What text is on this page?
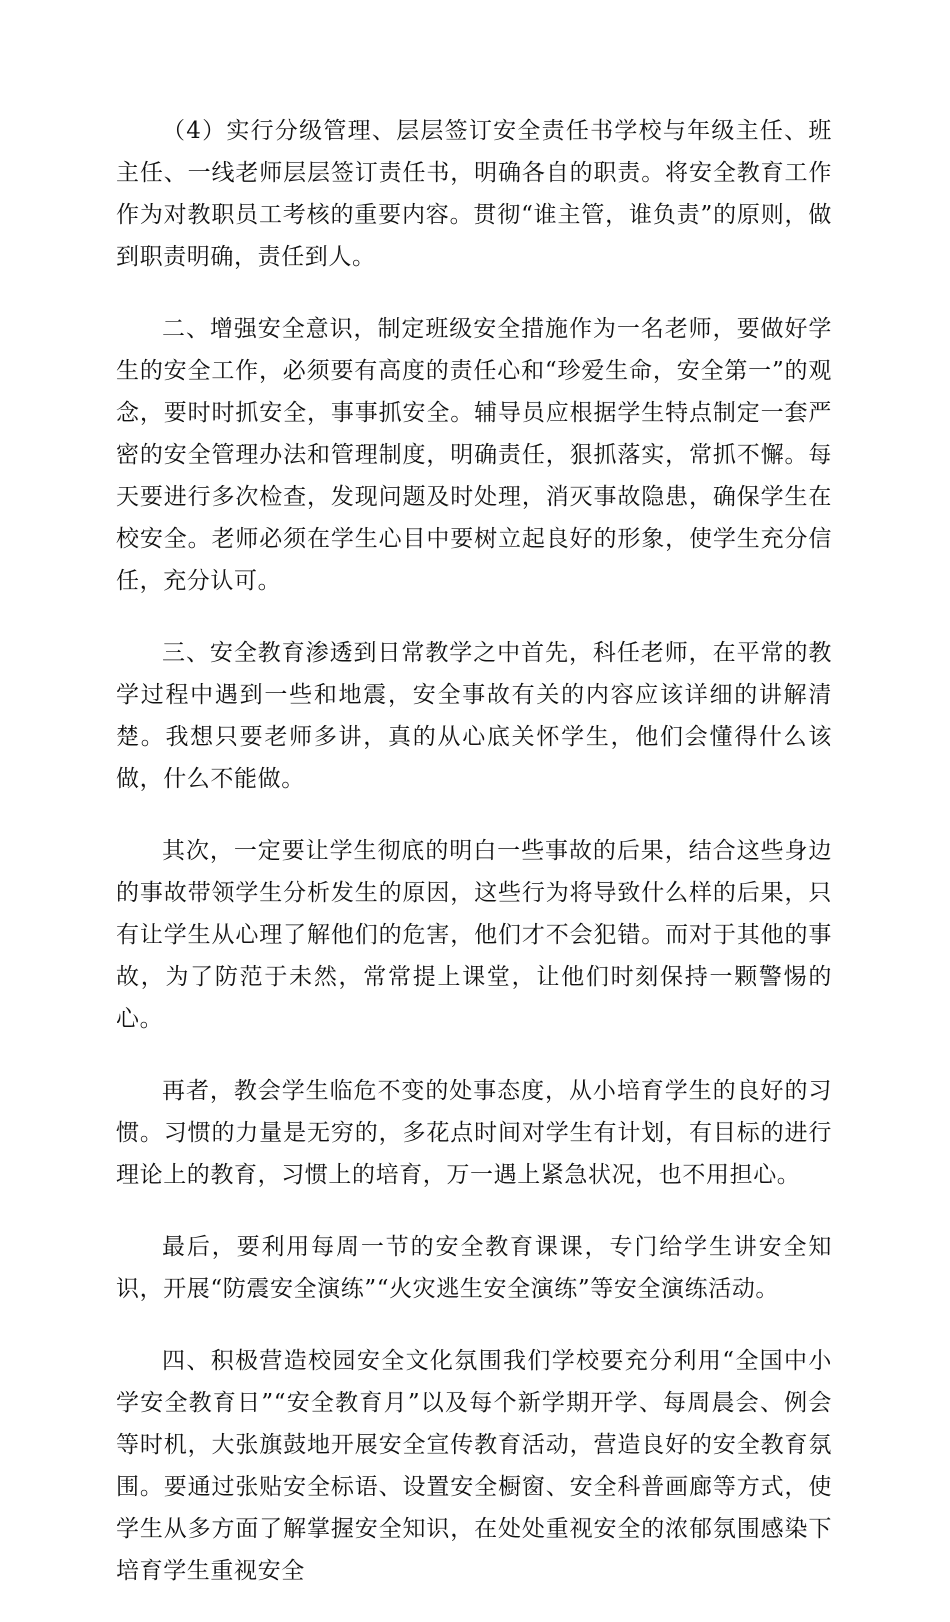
（4）实行分级管理、层层签订安全责任书学校与年级主任、班主任、一线老师层层签订责任书，明确各自的职责。将安全教育工作作为对教职员工考核的重要内容。贯彻“谁主管，谁负责”的原则，做到职责明确，责任到人。

二、增强安全意识，制定班级安全措施作为一名老师，要做好学生的安全工作，必须要有高度的责任心和“珍爱生命，安全第一”的观念，要时时抓安全，事事抓安全。辅导员应根据学生特点制定一套严密的安全管理办法和管理制度，明确责任，狠抓落实，常抓不懈。每天要进行多次检查，发现问题及时处理，消灭事故隐患，确保学生在校安全。老师必须在学生心目中要树立起良好的形象，使学生充分信任，充分认可。

三、安全教育渗透到日常教学之中首先，科任老师，在平常的教学过程中遇到一些和地震，安全事故有关的内容应该详细的讲解清楚。我想只要老师多讲，真的从心底关怀学生，他们会懂得什么该做，什么不能做。

其次，一定要让学生彻底的明白一些事故的后果，结合这些身边的事故带领学生分析发生的原因，这些行为将导致什么样的后果，只有让学生从心理了解他们的危害，他们才不会犯错。而对于其他的事故，为了防范于未然，常常提上课堂，让他们时刻保持一颗警惕的心。

再者，教会学生临危不变的处事态度，从小培育学生的良好的习惯。习惯的力量是无穷的，多花点时间对学生有计划，有目标的进行理论上的教育，习惯上的培育，万一遇上紧急状况，也不用担心。

最后，要利用每周一节的安全教育课课，专门给学生讲安全知识，开展“防震安全演练”“火灾逃生安全演练”等安全演练活动。

四、积极营造校园安全文化氛围我们学校要充分利用“全国中小学安全教育日”“安全教育月”以及每个新学期开学、每周晨会、例会等时机，大张旗鼓地开展安全宣传教育活动，营造良好的安全教育氛围。要通过张贴安全标语、设置安全橱窗、安全科普画廊等方式，使学生从多方面了解掌握安全知识，在处处重视安全的浓郁氛围感染下培育学生重视安全
